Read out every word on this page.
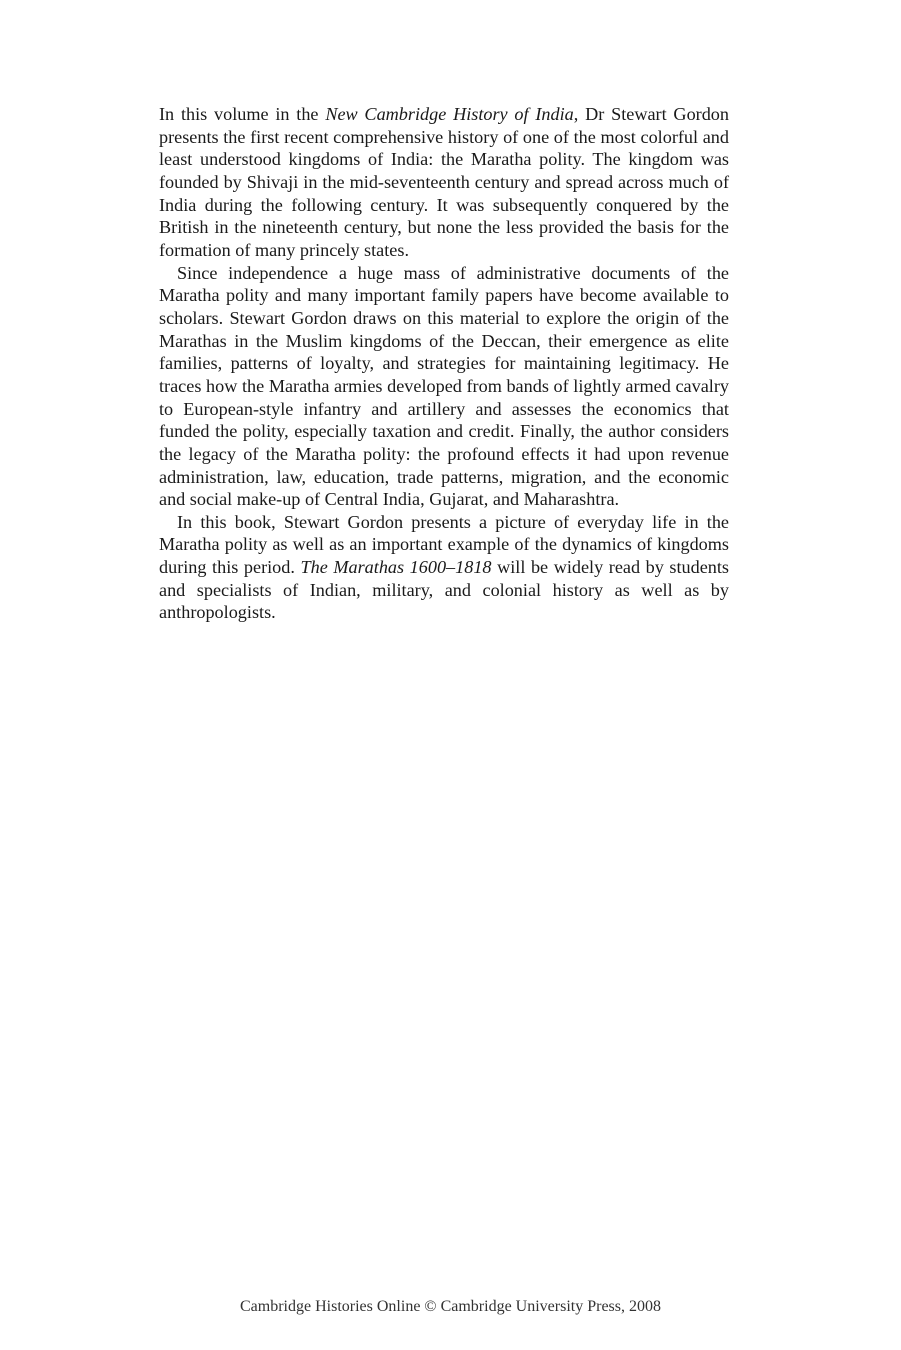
In this volume in the New Cambridge History of India, Dr Stewart Gordon presents the first recent comprehensive history of one of the most colorful and least understood kingdoms of India: the Maratha polity. The kingdom was founded by Shivaji in the mid-seventeenth century and spread across much of India during the following century. It was subsequently conquered by the British in the nineteenth century, but none the less provided the basis for the formation of many princely states.

Since independence a huge mass of administrative documents of the Maratha polity and many important family papers have become available to scholars. Stewart Gordon draws on this material to explore the origin of the Marathas in the Muslim kingdoms of the Deccan, their emergence as elite families, patterns of loyalty, and strategies for maintaining legitimacy. He traces how the Maratha armies developed from bands of lightly armed cavalry to European-style infantry and artillery and assesses the economics that funded the polity, especially taxation and credit. Finally, the author considers the legacy of the Maratha polity: the profound effects it had upon revenue administration, law, education, trade patterns, migration, and the economic and social make-up of Central India, Gujarat, and Maharashtra.

In this book, Stewart Gordon presents a picture of everyday life in the Maratha polity as well as an important example of the dynamics of kingdoms during this period. The Marathas 1600–1818 will be widely read by students and specialists of Indian, military, and colonial history as well as by anthropologists.

Cambridge Histories Online © Cambridge University Press, 2008
